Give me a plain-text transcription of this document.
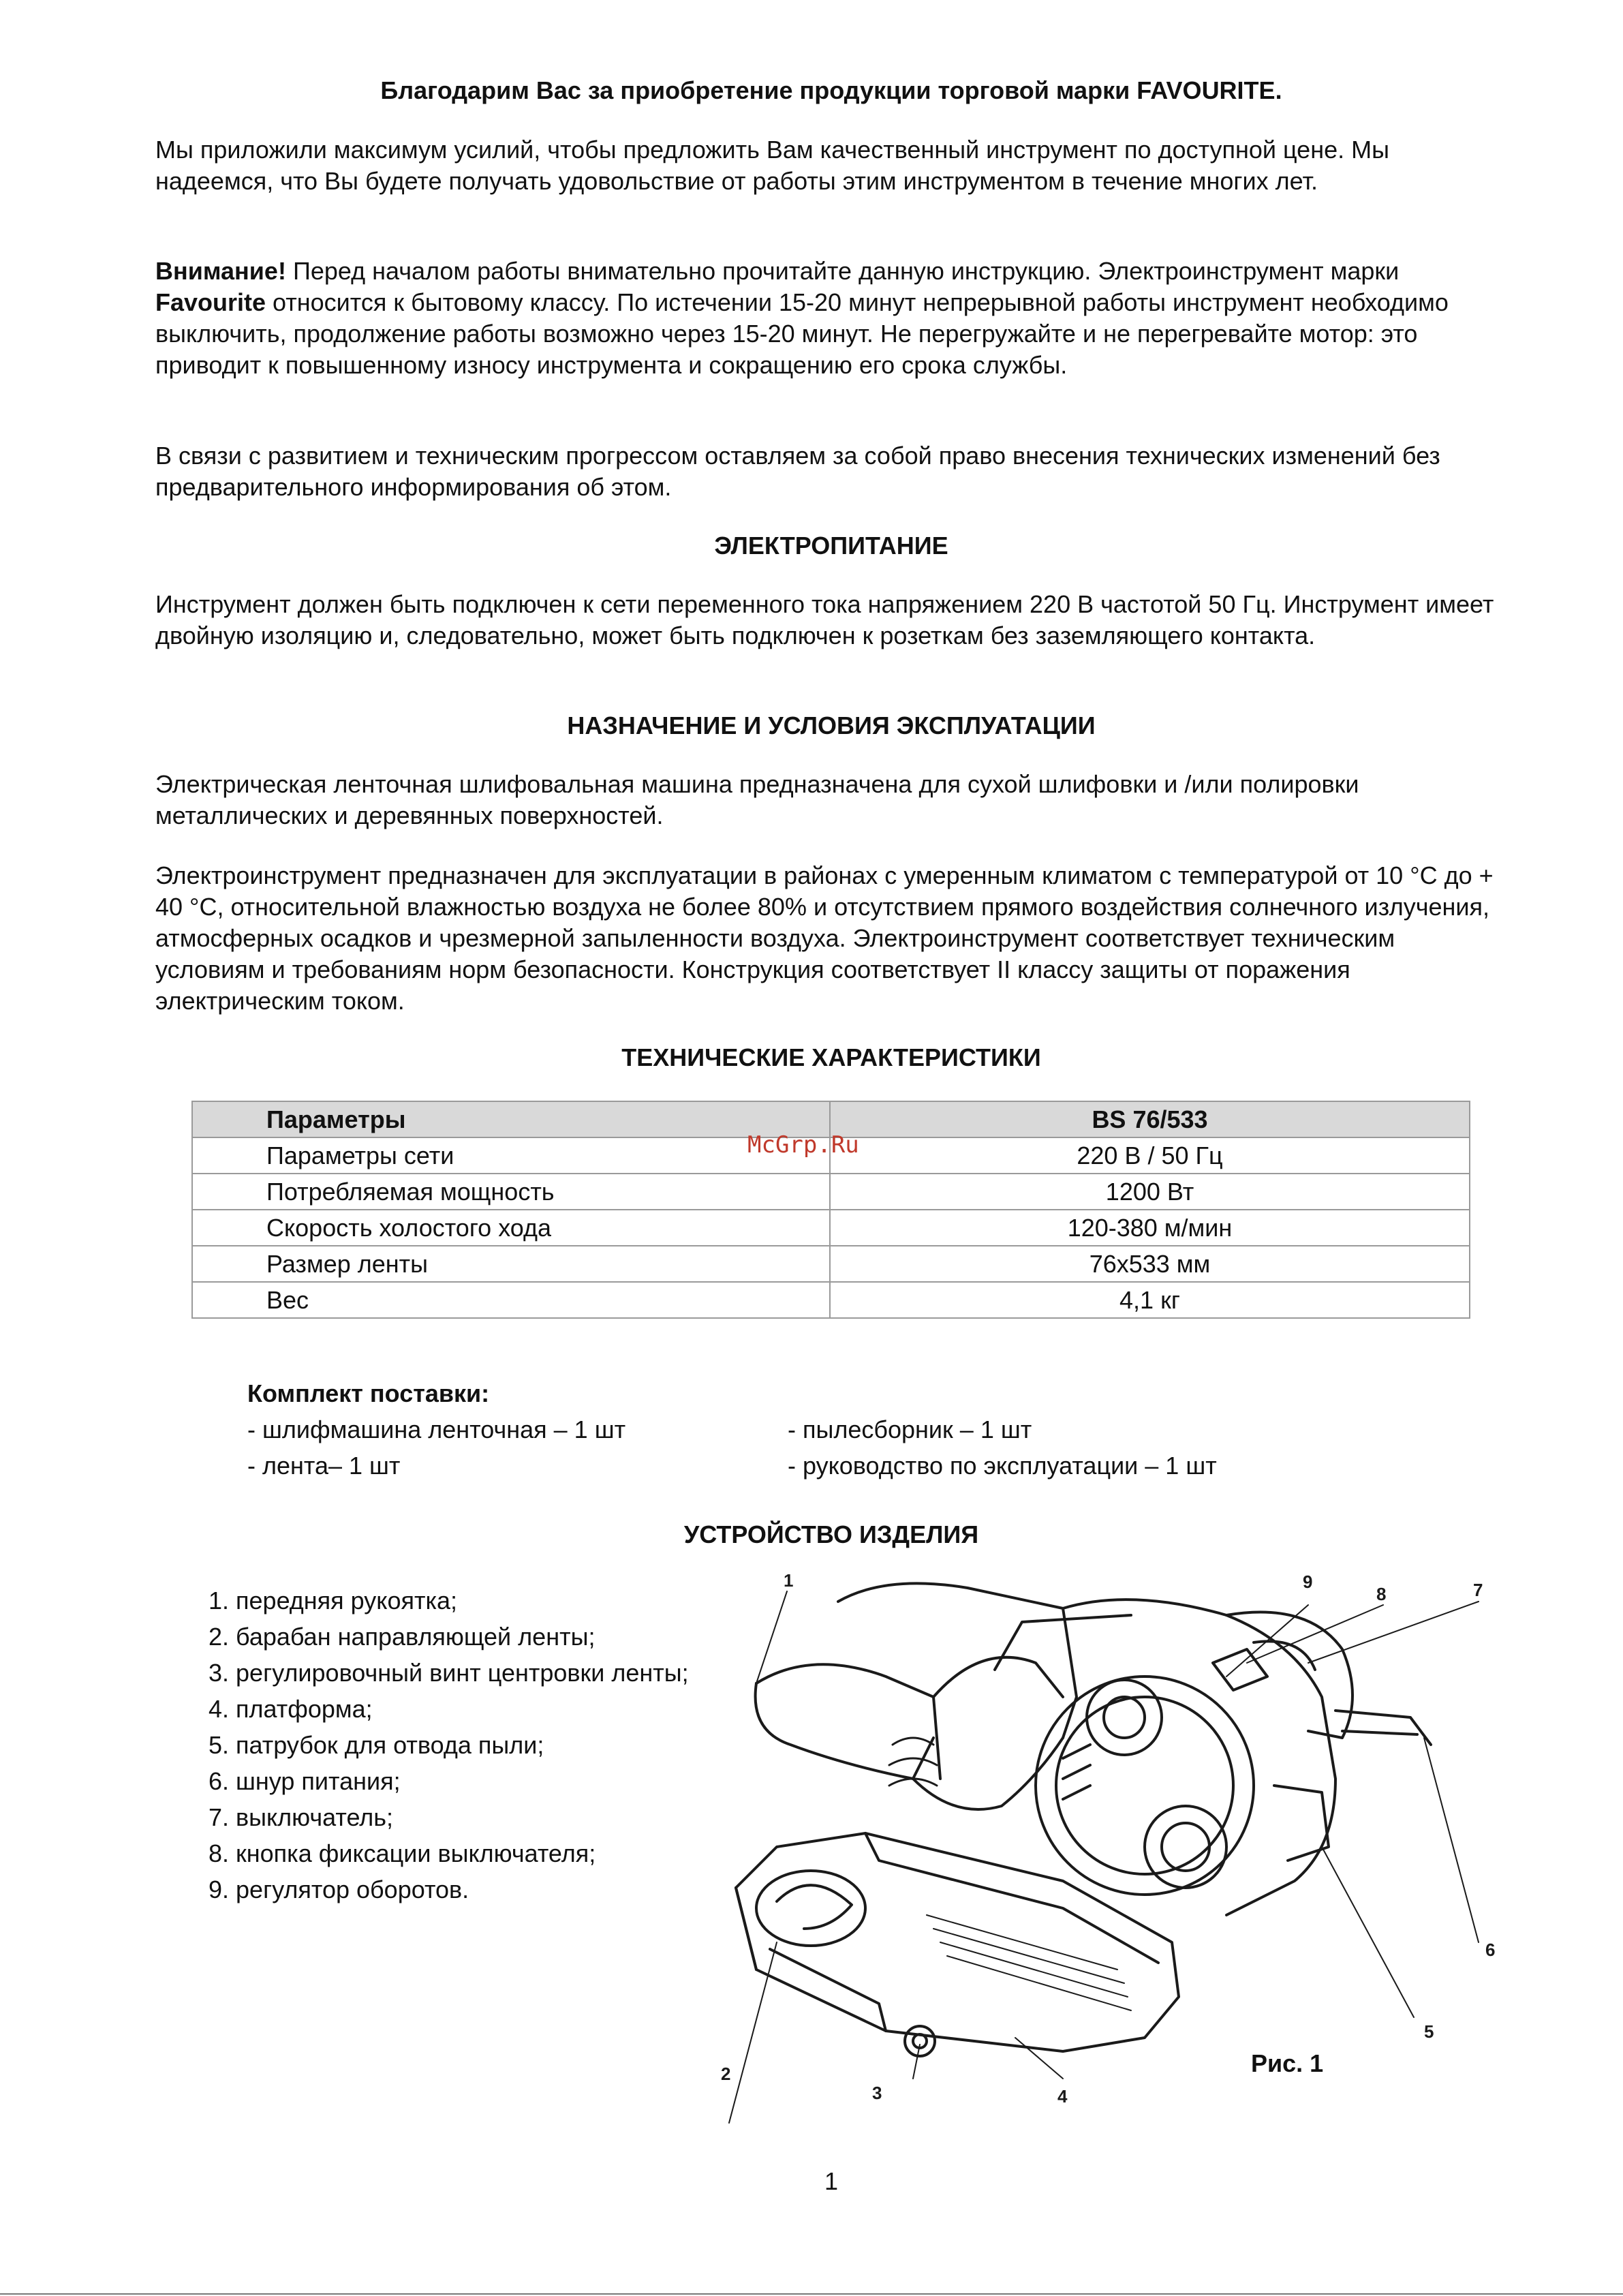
Благодарим Вас за приобретение продукции торговой марки FAVOURITE.

Мы приложили максимум усилий, чтобы предложить Вам качественный инструмент по доступной цене. Мы надеемся, что Вы будете получать удовольствие от работы этим инструментом в течение многих лет.

Внимание! Перед началом работы внимательно прочитайте данную инструкцию. Электроинструмент марки Favourite относится к бытовому классу. По истечении 15-20 минут непрерывной работы инструмент необходимо выключить, продолжение работы возможно через 15-20 минут. Не перегружайте и не перегревайте мотор: это приводит к повышенному износу инструмента и сокращению его срока службы.

В связи с развитием и техническим прогрессом оставляем за собой право внесения технических изменений без предварительного информирования об этом.

ЭЛЕКТРОПИТАНИЕ

Инструмент должен быть подключен к сети переменного тока напряжением 220 В частотой 50 Гц. Инструмент имеет двойную изоляцию и, следовательно, может быть подключен к розеткам без заземляющего контакта.

НАЗНАЧЕНИЕ И УСЛОВИЯ ЭКСПЛУАТАЦИИ

Электрическая ленточная шлифовальная машина предназначена для сухой шлифовки и /или полировки металлических и деревянных поверхностей.

Электроинструмент предназначен для эксплуатации в районах с умеренным климатом с температурой от 10 °С до + 40 °С, относительной влажностью воздуха не более 80% и отсутствием прямого воздействия солнечного излучения, атмосферных осадков и чрезмерной запыленности воздуха. Электроинструмент соответствует техническим условиям и требованиям норм безопасности. Конструкция соответствует II классу защиты от поражения электрическим током.

ТЕХНИЧЕСКИЕ ХАРАКТЕРИСТИКИ

Параметры	BS 76/533
Параметры сети	220 В / 50 Гц
Потребляемая мощность	1200 Вт
Скорость холостого хода	120-380 м/мин
Размер ленты	76х533 мм
Вес	4,1 кг
McGrp.Ru
Комплект поставки:
- шлифмашина ленточная – 1 шт
- лента– 1 шт
- пылесборник – 1 шт
- руководство по эксплуатации – 1 шт

УСТРОЙСТВО ИЗДЕЛИЯ

1. передняя рукоятка;
2. барабан направляющей ленты;
3. регулировочный винт центровки ленты;
4. платформа;
5. патрубок для отвода пыли;
6. шнур питания;
7. выключатель;
8. кнопка фиксации выключателя;
9. регулятор оборотов.
1
2
3	4
5
6
7
8
9
Рис. 1
1
